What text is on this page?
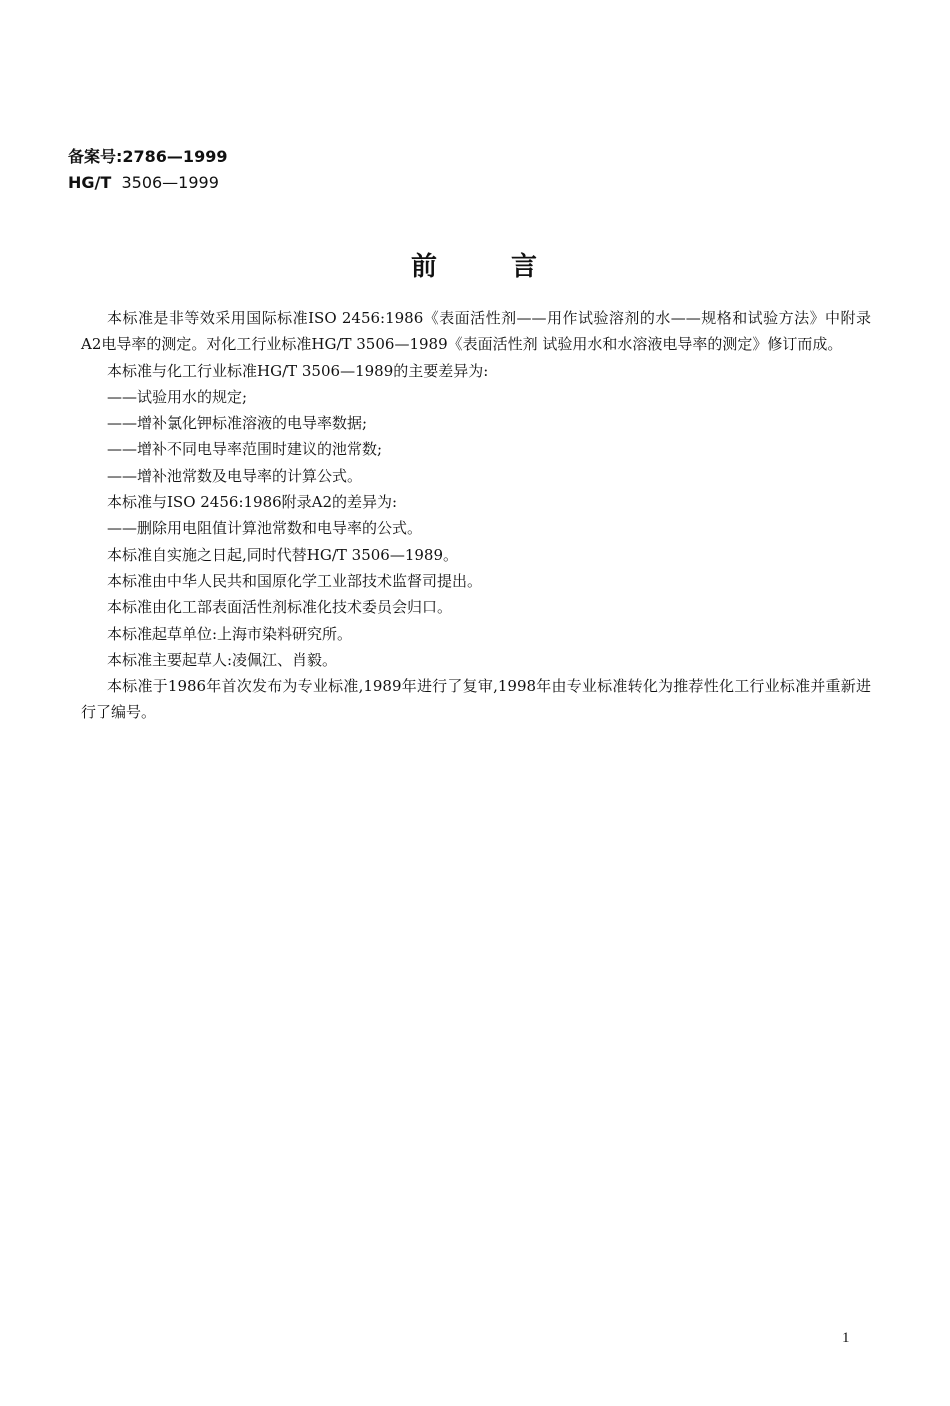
备案号:2786—1999
HG/T 3506—1999
前	言

本标准是非等效采用国际标准ISO 2456:1986《表面活性剂——用作试验溶剂的水——规格和试验方法》中附录A2电导率的测定。对化工行业标准HG/T 3506—1989《表面活性剂 试验用水和水溶液电导率的测定》修订而成。

本标准与化工行业标准HG/T 3506—1989的主要差异为:

——试验用水的规定;

——增补氯化钾标准溶液的电导率数据;

——增补不同电导率范围时建议的池常数;

——增补池常数及电导率的计算公式。

本标准与ISO 2456:1986附录A2的差异为:

——删除用电阻值计算池常数和电导率的公式。

本标准自实施之日起,同时代替HG/T 3506—1989。

本标准由中华人民共和国原化学工业部技术监督司提出。

本标准由化工部表面活性剂标准化技术委员会归口。

本标准起草单位:上海市染料研究所。

本标准主要起草人:凌佩江、肖毅。

本标准于1986年首次发布为专业标准,1989年进行了复审,1998年由专业标准转化为推荐性化工行业标准并重新进行了编号。

1
